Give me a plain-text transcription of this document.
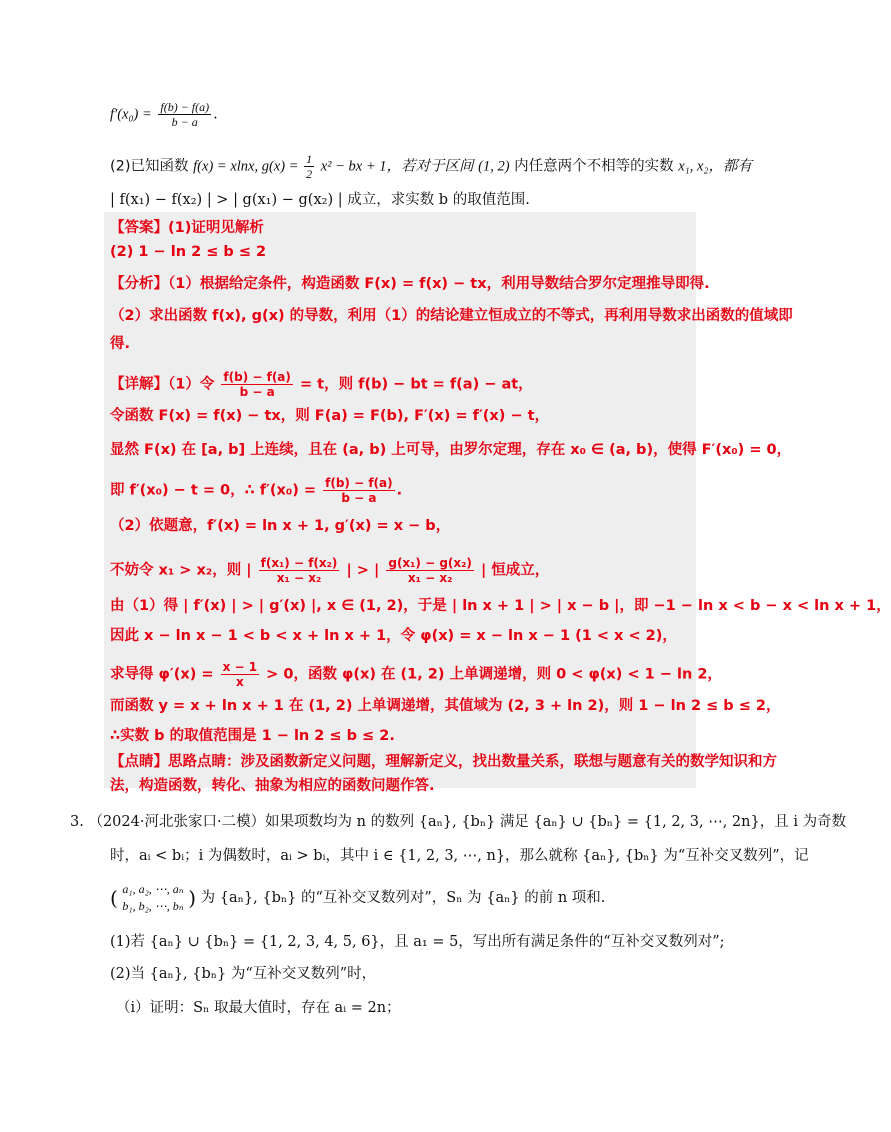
$f'(x_0) = \frac{f(b) - f(a)}{b - a}$ .
(2)已知函数 f(x) = xlnx, $g(x) = \frac{1}{2} x^2$ − bx + 1，若对于区间 (1, 2) 内任意两个不相等的实数 x₁, x₂，都有
| f(x₁) − f(x₂) | > | g(x₁) − g(x₂) | 成立，求实数 b 的取值范围.
【答案】(1)证明见解析
(2) 1 − ln 2 ≤ b ≤ 2
【分析】（1）根据给定条件，构造函数 F(x) = f(x) − tx，利用导数结合罗尔定理推导即得.
（2）求出函数 f(x), g(x) 的导数，利用（1）的结论建立恒成立的不等式，再利用导数求出函数的值域即
得.
【详解】（1）令 $\frac{f(b) - f(a)}{b - a} = t$，则 f(b) − bt = f(a) − at，
令函数 F(x) = f(x) − tx，则 F(a) = F(b), F′(x) = f′(x) − t，
显然 F(x) 在 [a, b] 上连续，且在 (a, b) 上可导，由罗尔定理，存在 x₀ ∈ (a, b)，使得 F′(x₀) = 0，
即 f′(x₀) − t = 0，∴ $f'(x_0) = \frac{f(b) - f(a)}{b - a}$ .
（2）依题意，f′(x) = ln x + 1, g′(x) = x − b，
不妨令 x₁ > x₂，则 | $\frac{\text{f(x₁) − f(x₂)}}{\text{x₁ − x₂}}$ | > | $\frac{\text{g(x₁) − g(x₂)}}{\text{x₁ − x₂}}$ | 恒成立，
由（1）得 | f′(x) | > | g′(x) |, x ∈ (1, 2)，于是 | ln x + 1 | > | x − b |，即 −1 − ln x < b − x < ln x + 1，
因此 x − ln x − 1 < b < x + ln x + 1，令 φ(x) = x − ln x − 1 (1 < x < 2)，
求导得 $\varphi'(x) = \frac{x - 1}{x} > 0$，函数 φ(x) 在 (1, 2) 上单调递增，则 0 < φ(x) < 1 − ln 2，
而函数 y = x + ln x + 1 在 (1, 2) 上单调递增，其值域为 (2, 3 + ln 2)，则 1 − ln 2 ≤ b ≤ 2，
∴实数 b 的取值范围是 1 − ln 2 ≤ b ≤ 2.
【点睛】思路点睛：涉及函数新定义问题，理解新定义，找出数量关系，联想与题意有关的数学知识和方
法，构造函数，转化、抽象为相应的函数问题作答.
3. （2024·河北张家口·二模）如果项数均为 n 的数列 {aₙ}, {bₙ} 满足 {aₙ} ∪ {bₙ} = {1, 2, 3, ⋯, 2n}，且 i 为奇数
时，aᵢ < bᵢ；i 为偶数时，aᵢ > bᵢ，其中 i ∈ {1, 2, 3, ⋯, n}，那么就称 {aₙ}, {bₙ} 为“互补交叉数列”，记
( a₁, a₂, ⋯, aₙ
b₁, b₂, ⋯, bₙ ) 为 {aₙ}, {bₙ} 的“互补交叉数列对”，Sₙ 为 {aₙ} 的前 n 项和.
(1)若 {aₙ} ∪ {bₙ} = {1, 2, 3, 4, 5, 6}，且 a₁ = 5，写出所有满足条件的“互补交叉数列对”;
(2)当 {aₙ}, {bₙ} 为“互补交叉数列”时，
（i）证明：Sₙ 取最大值时，存在 aᵢ = 2n；
